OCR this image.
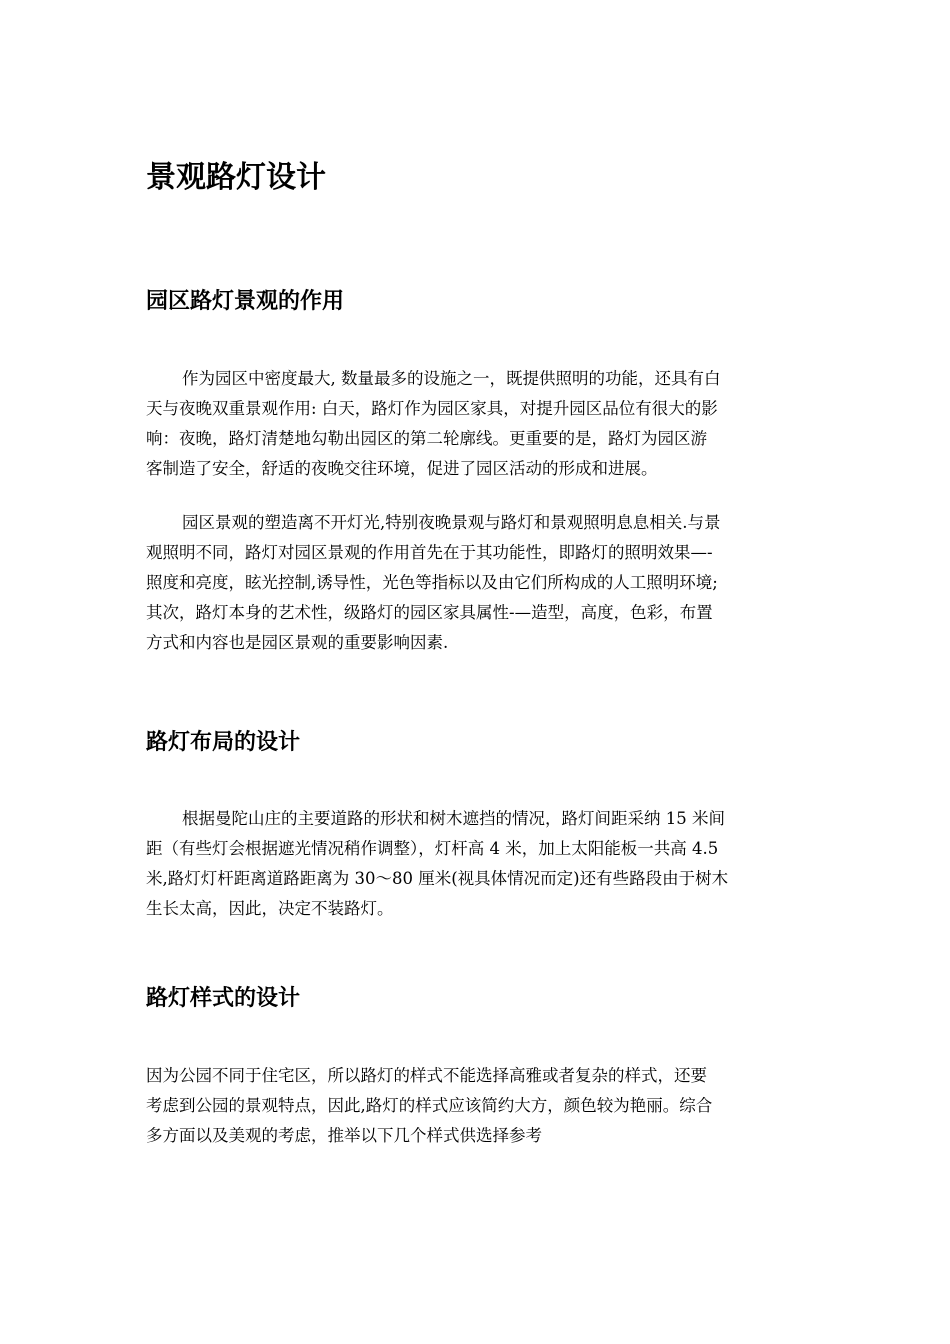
景观路灯设计
园区路灯景观的作用
作为园区中密度最大, 数量最多的设施之一，既提供照明的功能，还具有白
天与夜晚双重景观作用: 白天，路灯作为园区家具，对提升园区品位有很大的影
响：夜晚，路灯清楚地勾勒出园区的第二轮廓线。更重要的是，路灯为园区游
客制造了安全，舒适的夜晚交往环境，促进了园区活动的形成和进展。
园区景观的塑造离不开灯光,特别夜晚景观与路灯和景观照明息息相关.与景
观照明不同，路灯对园区景观的作用首先在于其功能性，即路灯的照明效果—-
照度和亮度，眩光控制,诱导性，光色等指标以及由它们所构成的人工照明环境;
其次，路灯本身的艺术性，级路灯的园区家具属性-—造型，高度，色彩，布置
方式和内容也是园区景观的重要影响因素.
路灯布局的设计
根据曼陀山庄的主要道路的形状和树木遮挡的情况，路灯间距采纳 15 米间
距（有些灯会根据遮光情况稍作调整），灯杆高 4 米，加上太阳能板一共高 4.5
米,路灯灯杆距离道路距离为 30～80 厘米(视具体情况而定)还有些路段由于树木
生长太高，因此，决定不装路灯。
路灯样式的设计
因为公园不同于住宅区，所以路灯的样式不能选择高雅或者复杂的样式，还要
考虑到公园的景观特点，因此,路灯的样式应该简约大方，颜色较为艳丽。综合
多方面以及美观的考虑，推举以下几个样式供选择参考
